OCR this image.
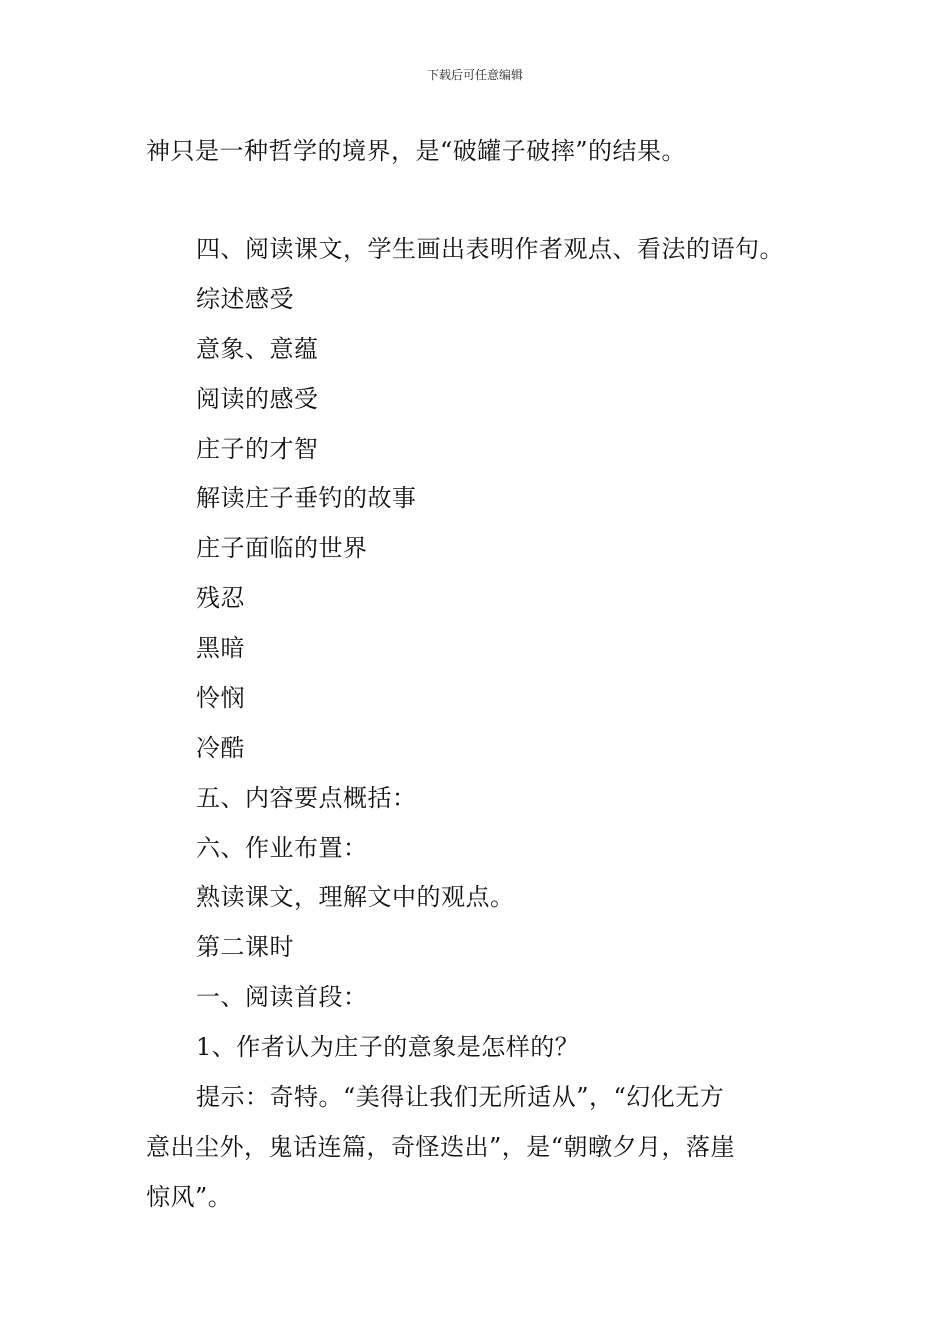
下载后可任意编辑
神只是一种哲学的境界，是“破罐子破摔”的结果。
四、阅读课文，学生画出表明作者观点、看法的语句。
综述感受
意象、意蕴
阅读的感受
庄子的才智
解读庄子垂钓的故事
庄子面临的世界
残忍
黑暗
怜悯
冷酷
五、内容要点概括：
六、作业布置：
熟读课文，理解文中的观点。
第二课时
一、阅读首段：
1、作者认为庄子的意象是怎样的？
提示：奇特。“美得让我们无所适从”，“幻化无方
意出尘外，鬼话连篇，奇怪迭出”，是“朝暾夕月，落崖
惊风”。
